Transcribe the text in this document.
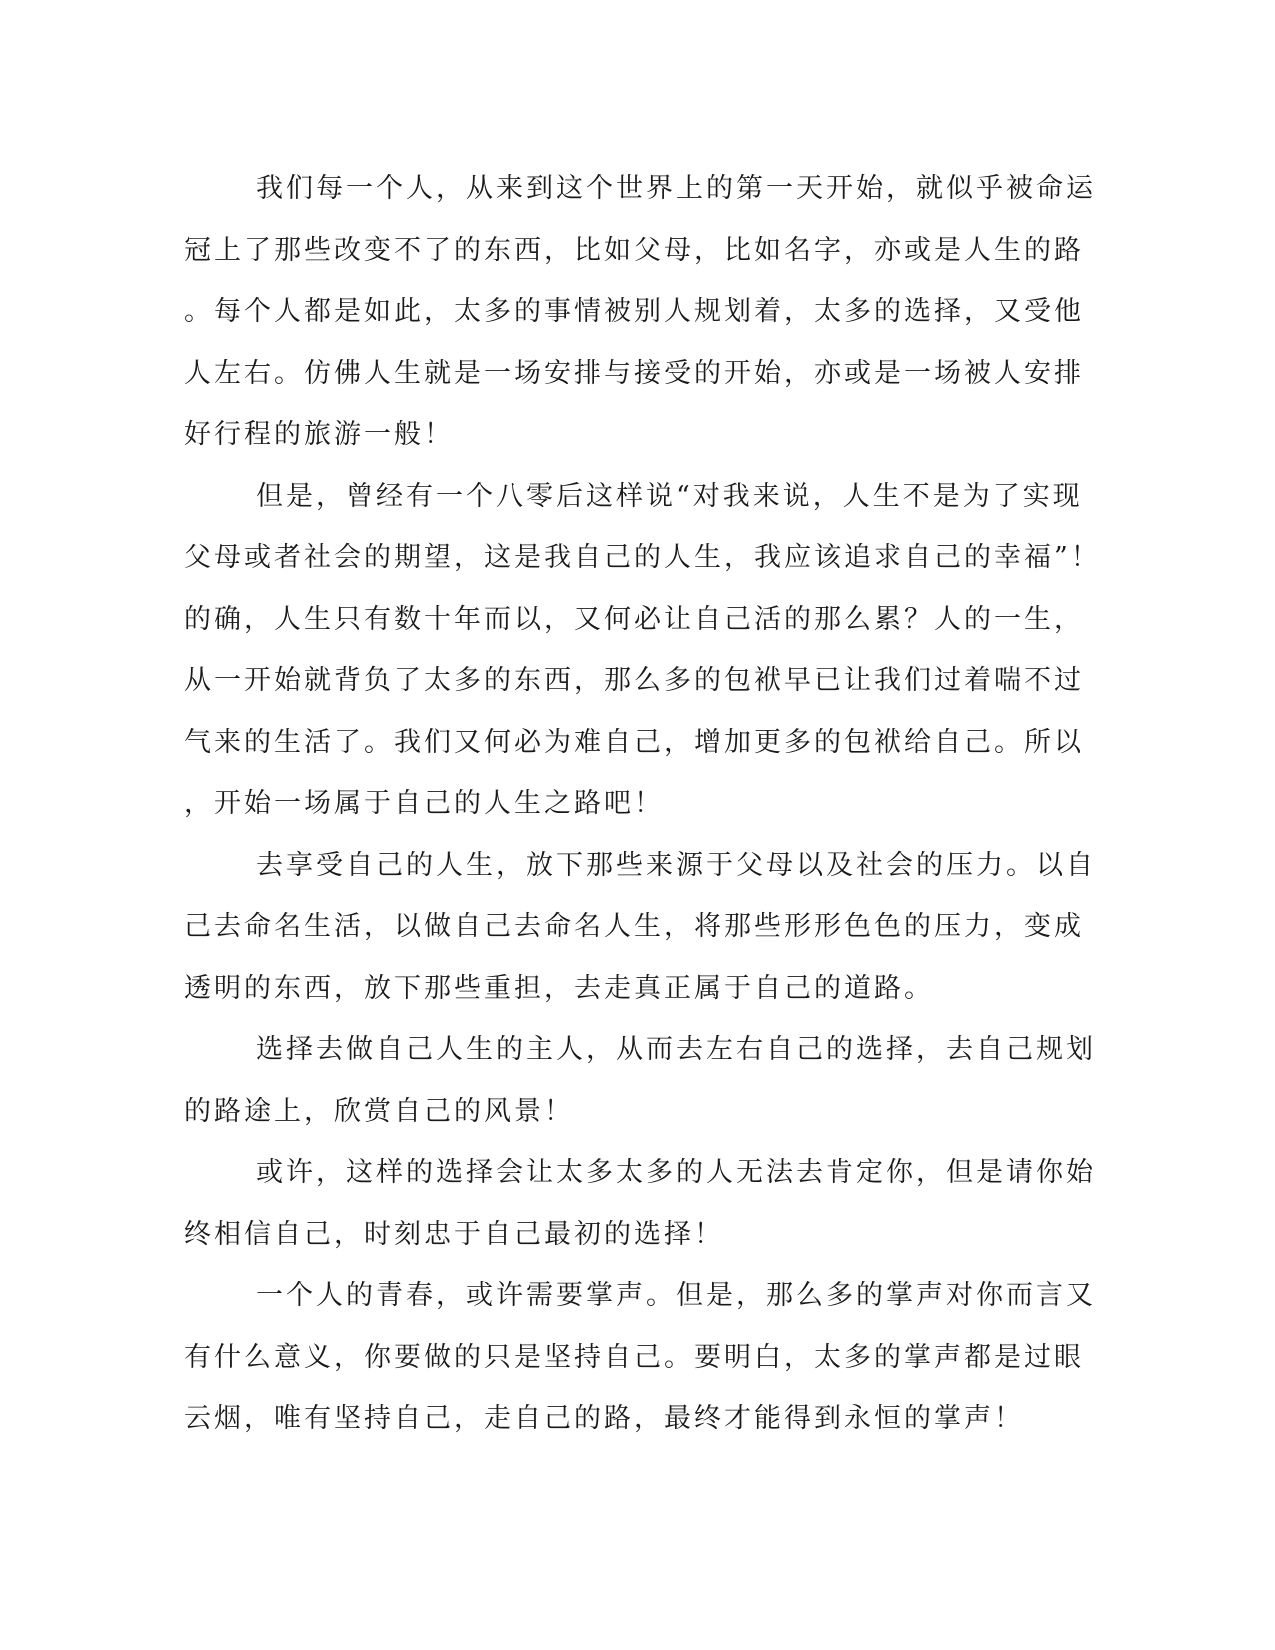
我们每一个人，从来到这个世界上的第一天开始，就似乎被命运
冠上了那些改变不了的东西，比如父母，比如名字，亦或是人生的路
。每个人都是如此，太多的事情被别人规划着，太多的选择，又受他
人左右。仿佛人生就是一场安排与接受的开始，亦或是一场被人安排
好行程的旅游一般！
但是，曾经有一个八零后这样说“对我来说，人生不是为了实现
父母或者社会的期望，这是我自己的人生，我应该追求自己的幸福”！
的确，人生只有数十年而以，又何必让自己活的那么累？人的一生，
从一开始就背负了太多的东西，那么多的包袱早已让我们过着喘不过
气来的生活了。我们又何必为难自己，增加更多的包袱给自己。所以
，开始一场属于自己的人生之路吧！
去享受自己的人生，放下那些来源于父母以及社会的压力。以自
己去命名生活，以做自己去命名人生，将那些形形色色的压力，变成
透明的东西，放下那些重担，去走真正属于自己的道路。
选择去做自己人生的主人，从而去左右自己的选择，去自己规划
的路途上，欣赏自己的风景！
或许，这样的选择会让太多太多的人无法去肯定你，但是请你始
终相信自己，时刻忠于自己最初的选择！
一个人的青春，或许需要掌声。但是，那么多的掌声对你而言又
有什么意义，你要做的只是坚持自己。要明白，太多的掌声都是过眼
云烟，唯有坚持自己，走自己的路，最终才能得到永恒的掌声！
